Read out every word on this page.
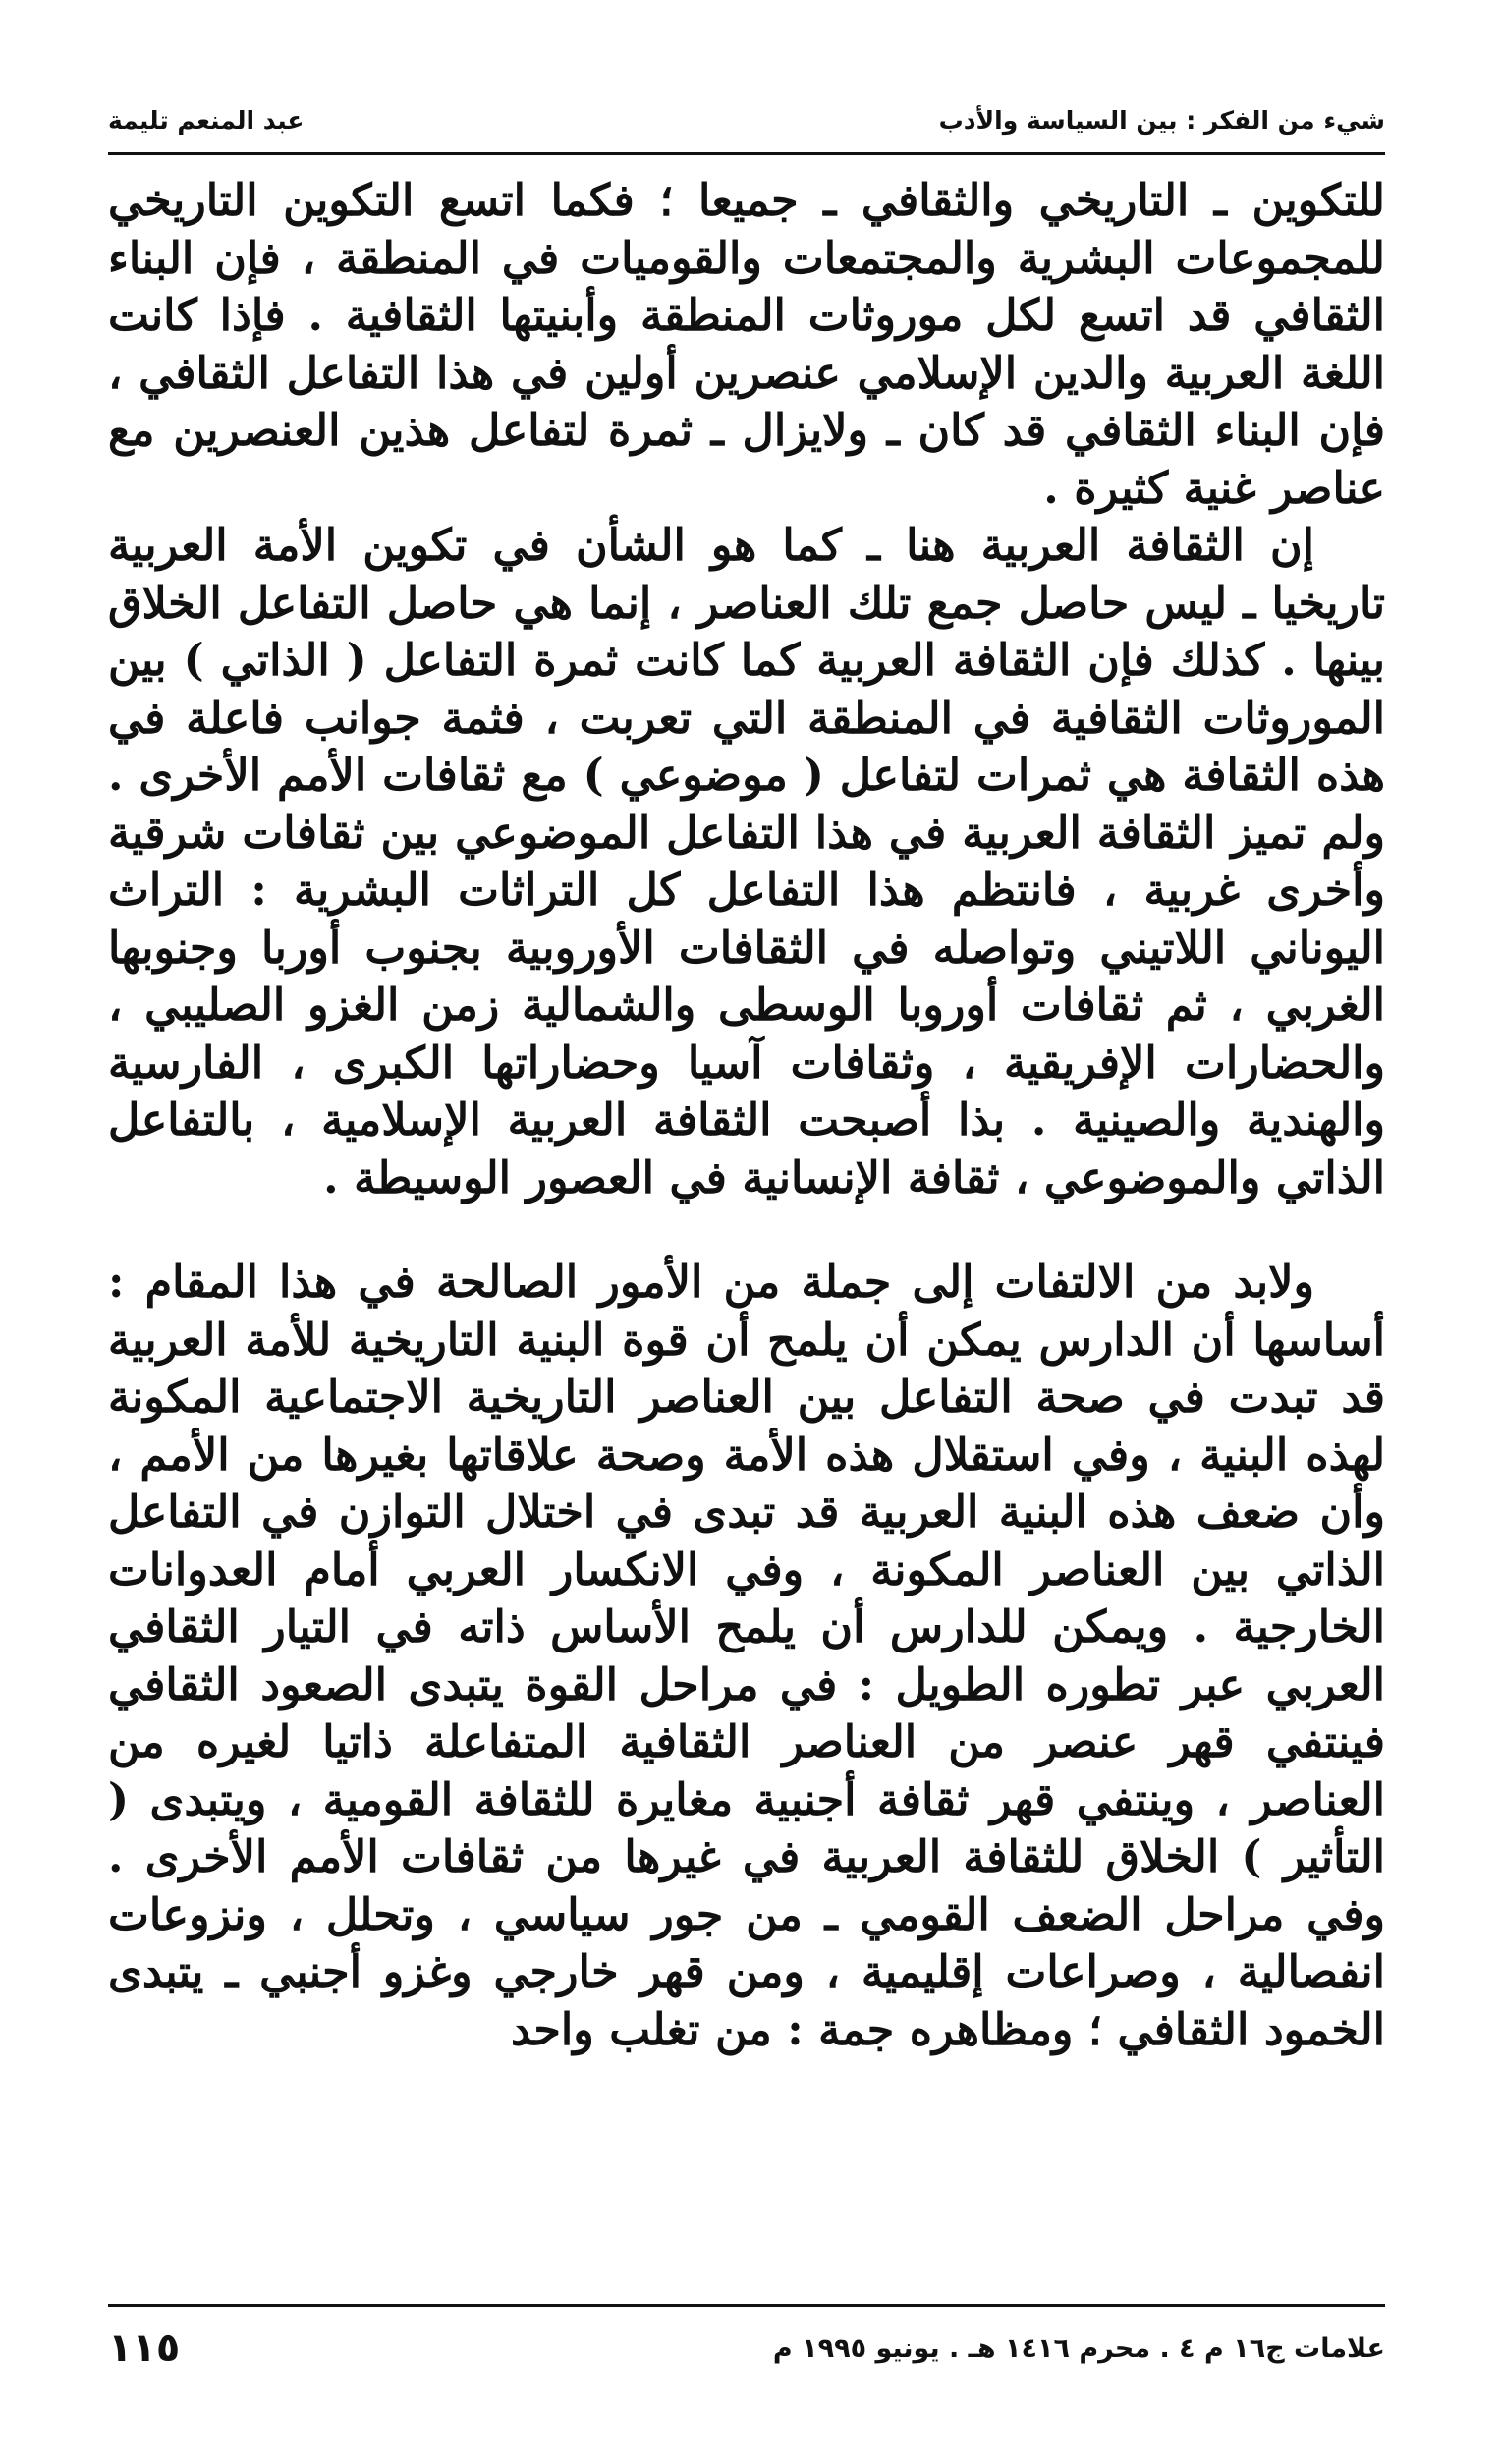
شيء من الفكر : بين السياسة والأدب
عبد المنعم تليمة

للتكوين ـ التاريخي والثقافي ـ جميعا ؛ فكما اتسع التكوين التاريخي للمجموعات البشرية والمجتمعات والقوميات في المنطقة ، فإن البناء الثقافي قد اتسع لكل موروثات المنطقة وأبنيتها الثقافية . فإذا كانت اللغة العربية والدين الإسلامي عنصرين أولين في هذا التفاعل الثقافي ، فإن البناء الثقافي قد كان ـ ولايزال ـ ثمرة لتفاعل هذين العنصرين مع عناصر غنية كثيرة .

إن الثقافة العربية هنا ـ كما هو الشأن في تكوين الأمة العربية تاريخيا ـ ليس حاصل جمع تلك العناصر ، إنما هي حاصل التفاعل الخلاق بينها . كذلك فإن الثقافة العربية كما كانت ثمرة التفاعل ( الذاتي ) بين الموروثات الثقافية في المنطقة التي تعربت ، فثمة جوانب فاعلة في هذه الثقافة هي ثمرات لتفاعل ( موضوعي ) مع ثقافات الأمم الأخرى . ولم تميز الثقافة العربية في هذا التفاعل الموضوعي بين ثقافات شرقية وأخرى غربية ، فانتظم هذا التفاعل كل التراثات البشرية : التراث اليوناني اللاتيني وتواصله في الثقافات الأوروبية بجنوب أوربا وجنوبها الغربي ، ثم ثقافات أوروبا الوسطى والشمالية زمن الغزو الصليبي ، والحضارات الإفريقية ، وثقافات آسيا وحضاراتها الكبرى ، الفارسية والهندية والصينية . بذا أصبحت الثقافة العربية الإسلامية ، بالتفاعل الذاتي والموضوعي ، ثقافة الإنسانية في العصور الوسيطة .

ولابد من الالتفات إلى جملة من الأمور الصالحة في هذا المقام : أساسها أن الدارس يمكن أن يلمح أن قوة البنية التاريخية للأمة العربية قد تبدت في صحة التفاعل بين العناصر التاريخية الاجتماعية المكونة لهذه البنية ، وفي استقلال هذه الأمة وصحة علاقاتها بغيرها من الأمم ، وأن ضعف هذه البنية العربية قد تبدى في اختلال التوازن في التفاعل الذاتي بين العناصر المكونة ، وفي الانكسار العربي أمام العدوانات الخارجية . ويمكن للدارس أن يلمح الأساس ذاته في التيار الثقافي العربي عبر تطوره الطويل : في مراحل القوة يتبدى الصعود الثقافي فينتفي قهر عنصر من العناصر الثقافية المتفاعلة ذاتيا لغيره من العناصر ، وينتفي قهر ثقافة أجنبية مغايرة للثقافة القومية ، ويتبدى ( التأثير ) الخلاق للثقافة العربية في غيرها من ثقافات الأمم الأخرى . وفي مراحل الضعف القومي ـ من جور سياسي ، وتحلل ، ونزوعات انفصالية ، وصراعات إقليمية ، ومن قهر خارجي وغزو أجنبي ـ يتبدى الخمود الثقافي ؛ ومظاهره جمة : من تغلب واحد

علامات ج١٦ م ٤ . محرم ١٤١٦ هـ . يونيو ١٩٩٥ م
١١٥
